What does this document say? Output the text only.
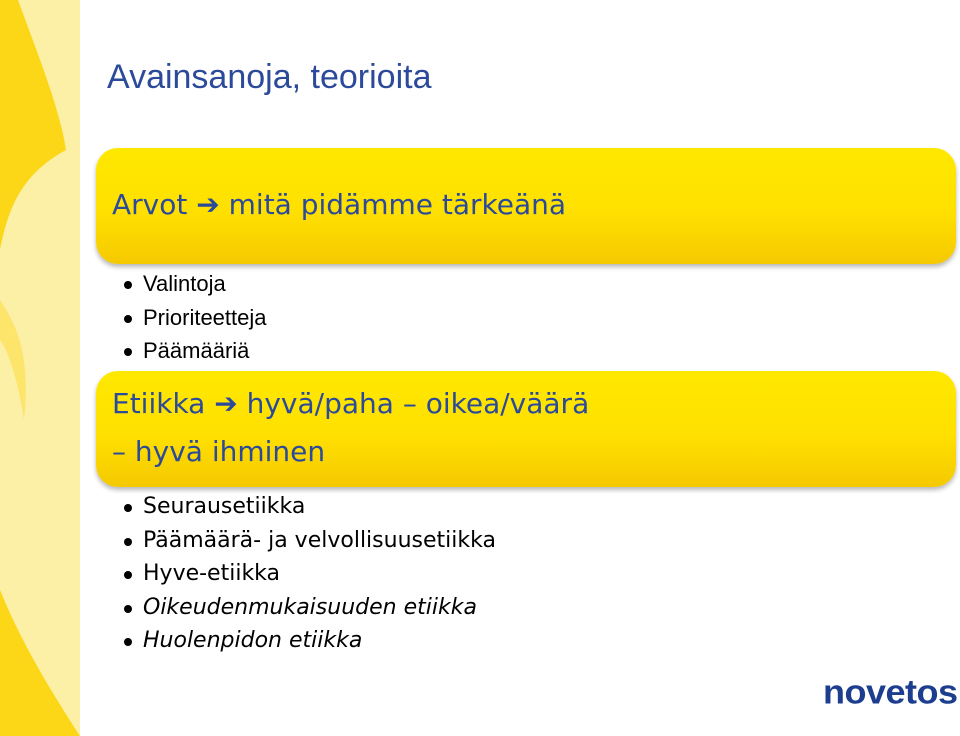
Avainsanoja, teorioita
Arvot ➔ mitä pidämme tärkeänä
Valintoja
Prioriteetteja
Päämääriä
Etiikka ➔ hyvä/paha – oikea/väärä
– hyvä ihminen
Seurausetiikka
Päämäärä- ja velvollisuusetiikka
Hyve-etiikka
Oikeudenmukaisuuden etiikka
Huolenpidon etiikka
novetos
